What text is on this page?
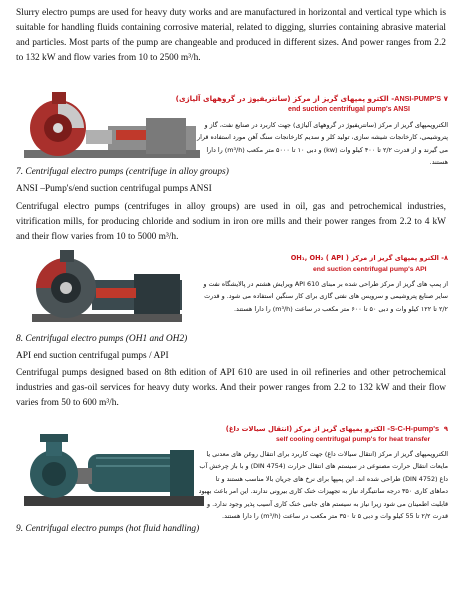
Slurry electro pumps are used for heavy duty works and are manufactured in horizontal and vertical type which is suitable for handling fluids containing corrosive material, related to digging, slurries containing abrasive material and particles. Most parts of the pump are changeable and produced in different sizes. And power ranges from 2.2 to 132 kW and flow varies from 10 to 2500 m³/h.
ANSI-PUMP'S ۷- الکترو پمپهای گریز از مرکز (سانتریفیوژ در گروههای آلیاژی)
end suction centrifugal pump's ANSI
الکتروپمپهای گریز از مرکز (سانتریفیوژ در گروههای آلیاژی) جهت کاربرد در صنایع نفت، گاز و پتروشیمی، کارخانجات شیشه سازی، تولید کلر و سدیم کارخانجات سنگ آهن مورد استفاده قرار می گیرند و از قدرت ۲/۲ تا ۴۰۰ کیلو وات (kw) و دبی ۱۰ تا ۵۰۰۰ متر مکعب (m³/h) را دارا هستند.
7. Centrifugal electro pumps (centrifuge in alloy groups)
ANSI –Pump's/end suction centrifugal pumps ANSI
Centrifugal electro pumps (centrifuges in alloy groups) are used in oil, gas and petrochemical industries, vitrification mills, for producing chloride and sodium in iron ore mills and their power ranges from 2.2 to 4 kW and their flow varies from 10 to 5000 m³/h.
۸- الکترو پمپهای گریز از مرکز ( API ) OH₁, OH₂
end suction centrifugal pump's API
از پمپ های گریز از مرکز طراحی شده بر مبنای API 610 ویرایش هشتم در پالایشگاه نفت و سایر صنایع پتروشیمی و سرویس های نفتی گازی برای کار سنگین استفاده می شود. و قدرت ۲/۲ تا ۱۲۲ کیلو وات و دبی ۵۰ تا ۶۰۰ متر مکعب در ساعت (m³/h) را دارا هستند.
8. Centrifugal electro pumps (OH1 and OH2)
API end suction centrifugal pumps / API
Centrifugal pumps designed based on 8th edition of API 610 are used in oil refineries and other petrochemical industries and gas-oil services for heavy duty works. And their power ranges from 2.2 to 132 kW and their flow varies from 50 to 600 m³/h.
S-C-H-pump's  ۹- الکترو پمپهای گریز از مرکز (انتقال سیالات داغ)
self cooling centrifugal pump's for heat transfer
الکتروپمپهای گریز از مرکز (انتقال سیالات داغ) جهت کاربرد برای انتقال روغن های معدنی یا مایعات انتقال حرارت مصنوعی در سیستم های انتقال حرارت (DIN 4754) و با باز چرخش آب داغ (DIN 4752) طراحی شده اند. این پمپها برای نرخ های جریان بالا مناسب هستند و تا دماهای کاری ۳۵۰ درجه سانتیگراد نیاز به تجهیزات خنک کاری بیرونی ندارند. این امر باعث بهبود قابلیت اطمینان می شود زیرا نیاز به سیستم های جانبی خنک کاری آسیب پذیر وجود ندارد. و قدرت ۲/۲ تا 55 کیلو وات و دبی ۵ تا ۳۵۰ متر مکعب در ساعت (m³/h) را دارا هستند.
9. Centrifugal electro pumps (hot fluid handling)
